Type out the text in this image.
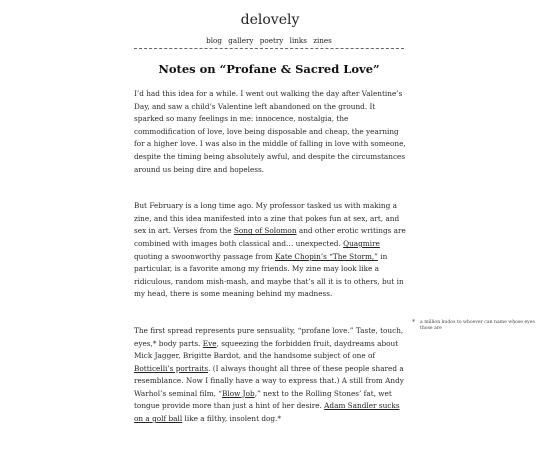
delovely
blog gallery poetry links zines
Notes on “Profane & Sacred Love”

I’d had this idea for a while. I went out walking the day after Valentine’s Day, and saw a child’s Valentine left abandoned on the ground. It sparked so many feelings in me: innocence, nostalgia, the commodification of love, love being disposable and cheap, the yearning for a higher love. I was also in the middle of falling in love with someone, despite the timing being absolutely awful, and despite the circumstances around us being dire and hopeless.

But February is a long time ago. My professor tasked us with making a zine, and this idea manifested into a zine that pokes fun at sex, art, and sex in art. Verses from the Song of Solomon and other erotic writings are combined with images both classical and… unexpected. Quagmire quoting a swoonworthy passage from Kate Chopin’s “The Storm,” in particular, is a favorite among my friends. My zine may look like a ridiculous, random mish-mash, and maybe that’s all it is to others, but in my head, there is some meaning behind my madness.

The first spread represents pure sensuality, “profane love.” Taste, touch, eyes,* body parts. Eve, squeezing the forbidden fruit, daydreams about Mick Jagger, Brigitte Bardot, and the handsome subject of one of Botticelli’s portraits. (I always thought all three of these people shared a resemblance. Now I finally have a way to express that.) A still from Andy Warhol’s seminal film, “Blow Job,” next to the Rolling Stones’ fat, wet tongue provide more than just a hint of her desire. Adam Sandler sucks on a golf ball like a filthy, insolent dog.*

* a million kudos to whoever can name whose eyes those are
